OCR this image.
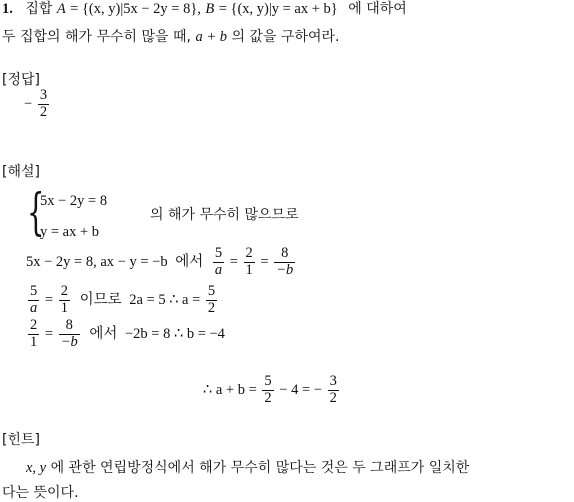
1. 집합 A = {(x, y)|5x − 2y = 8}, B = {(x, y)|y = ax + b} 에 대하여
두 집합의 해가 무수히 많을 때, a + b 의 값을 구하여라.
[정답]
− $\frac{3}{2}$
[해설]
{
5x − 2y = 8
y = ax + b
의 해가 무수히 많으므로
5x − 2y = 8, ax − y = −b 에서 $\frac{5}{a} = \frac{2}{1} = \frac{8}{-b}$
$\frac{5}{a} = \frac{2}{1}$ 이므로 2a = 5 ∴ $a = \frac{5}{2}$
$\frac{2}{1} = \frac{8}{-b}$ 에서 −2b = 8 ∴ b = −4
∴ $a + b = \frac{5}{2} - 4$ = − $\frac{3}{2}$
[힌트]
x, y 에 관한 연립방정식에서 해가 무수히 많다는 것은 두 그래프가 일치한
다는 뜻이다.
